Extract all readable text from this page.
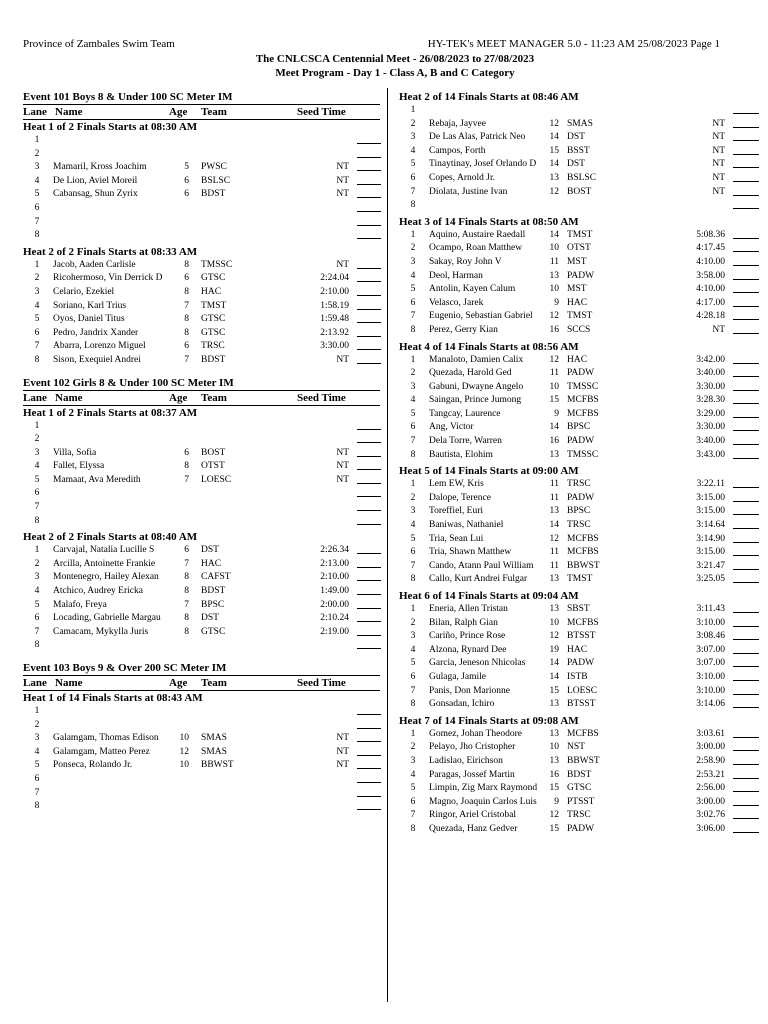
Province of Zambales Swim Team	HY-TEK's MEET MANAGER 5.0 - 11:23 AM 25/08/2023 Page 1
The CNLCSCA Centennial Meet - 26/08/2023 to 27/08/2023
Meet Program - Day 1 - Class A, B and C Category
Event 101 Boys 8 & Under 100 SC Meter IM
Lane Name	Age Team	Seed Time
Heat 1 of 2 Finals Starts at 08:30 AM
1
2
3	Mamaril, Kross Joachim	5 PWSC	NT
4	De Lion, Aviel Moreil	6 BSLSC	NT
5	Cabansag, Shun Zyrix	6 BDST	NT
6
7
8
Heat 2 of 2 Finals Starts at 08:33 AM
1	Jacob, Aaden Carlisle	8 TMSSC	NT
2	Ricohermoso, Vin Derrick D	6 GTSC	2:24.04
3	Celario, Ezekiel	8 HAC	2:10.00
4	Soriano, Karl Trius	7 TMST	1:58.19
5	Oyos, Daniel Titus	8 GTSC	1:59.48
6	Pedro, Jandrix Xander	8 GTSC	2:13.92
7	Abarra, Lorenzo Miguel	6 TRSC	3:30.00
8	Sison, Exequiel Andrei	7 BDST	NT
Event 102 Girls 8 & Under 100 SC Meter IM
Lane Name	Age Team	Seed Time
Heat 1 of 2 Finals Starts at 08:37 AM
1
2
3	Villa, Sofia	6 BOST	NT
4	Fallet, Elyssa	8 OTST	NT
5	Mamaat, Ava Meredith	7 LOESC	NT
6
7
8
Heat 2 of 2 Finals Starts at 08:40 AM
1	Carvajal, Natalia Lucille S	6 DST	2:26.34
2	Arcilla, Antoinette Frankie	7 HAC	2:13.00
3	Montenegro, Hailey Alexan	8 CAFST	2:10.00
4	Atchico, Audrey Ericka	8 BDST	1:49.00
5	Malafo, Freya	7 BPSC	2:00.00
6	Locading, Gabrielle Margau	8 DST	2:10.24
7	Camacam, Mykylla Juris	8 GTSC	2:19.00
8
Event 103 Boys 9 & Over 200 SC Meter IM
Lane Name	Age Team	Seed Time
Heat 1 of 14 Finals Starts at 08:43 AM
1
2
3	Galamgam, Thomas Edison	10 SMAS	NT
4	Galamgam, Matteo Perez	12 SMAS	NT
5	Ponseca, Rolando Jr.	10 BBWST	NT
6
7
8
Heat 2 of 14 Finals Starts at 08:46 AM
1
2	Rebaja, Jayvee	12 SMAS	NT
3	De Las Alas, Patrick Neo	14 DST	NT
4	Campos, Forth	15 BSST	NT
5	Tinaytinay, Josef Orlando D	14 DST	NT
6	Copes, Arnold Jr.	13 BSLSC	NT
7	Diolata, Justine Ivan	12 BOST	NT
8
Heat 3 of 14 Finals Starts at 08:50 AM
1	Aquino, Austaire Raedall	14 TMST	5:08.36
2	Ocampo, Roan Matthew	10 OTST	4:17.45
3	Sakay, Roy John V	11 MST	4:10.00
4	Deol, Harman	13 PADW	3:58.00
5	Antolin, Kayen Calum	10 MST	4:10.00
6	Velasco, Jarek	9 HAC	4:17.00
7	Eugenio, Sebastian Gabriel	12 TMST	4:28.18
8	Perez, Gerry Kian	16 SCCS	NT
Heat 4 of 14 Finals Starts at 08:56 AM
1	Manaloto, Damien Calix	12 HAC	3:42.00
2	Quezada, Harold Ged	11 PADW	3:40.00
3	Gabuni, Dwayne Angelo	10 TMSSC	3:30.00
4	Saingan, Prince Jumong	15 MCFBS	3:28.30
5	Tangcay, Laurence	9 MCFBS	3:29.00
6	Ang, Victor	14 BPSC	3:30.00
7	Dela Torre, Warren	16 PADW	3:40.00
8	Bautista, Elohim	13 TMSSC	3:43.00
Heat 5 of 14 Finals Starts at 09:00 AM
1	Lem EW, Kris	11 TRSC	3:22.11
2	Dalope, Terence	11 PADW	3:15.00
3	Toreffiel, Euri	13 BPSC	3:15.00
4	Baniwas, Nathaniel	14 TRSC	3:14.64
5	Tria, Sean Lui	12 MCFBS	3:14.90
6	Tria, Shawn Matthew	11 MCFBS	3:15.00
7	Cando, Atann Paul William	11 BBWST	3:21.47
8	Callo, Kurt Andrei Fulgar	13 TMST	3:25.05
Heat 6 of 14 Finals Starts at 09:04 AM
1	Eneria, Allen Tristan	13 SBST	3:11.43
2	Bilan, Ralph Gian	10 MCFBS	3:10.00
3	Cariño, Prince Rose	12 BTSST	3:08.46
4	Alzona, Rynard Dee	19 HAC	3:07.00
5	Garcia, Jeneson Nhicolas	14 PADW	3:07.00
6	Gulaga, Jamile	14 ISTB	3:10.00
7	Panis, Don Marionne	15 LOESC	3:10.00
8	Gonsadan, Ichiro	13 BTSST	3:14.06
Heat 7 of 14 Finals Starts at 09:08 AM
1	Gomez, Johan Theodore	13 MCFBS	3:03.61
2	Pelayo, Jho Cristopher	10 NST	3:00.00
3	Ladislao, Eirichson	13 BBWST	2:58.90
4	Paragas, Jossef Martin	16 BDST	2:53.21
5	Limpin, Zig Marx Raymond	15 GTSC	2:56.00
6	Magno, Joaquin Carlos Luis	9 PTSST	3:00.00
7	Ringor, Ariel Cristobal	12 TRSC	3:02.76
8	Quezada, Hanz Gedver	15 PADW	3:06.00
